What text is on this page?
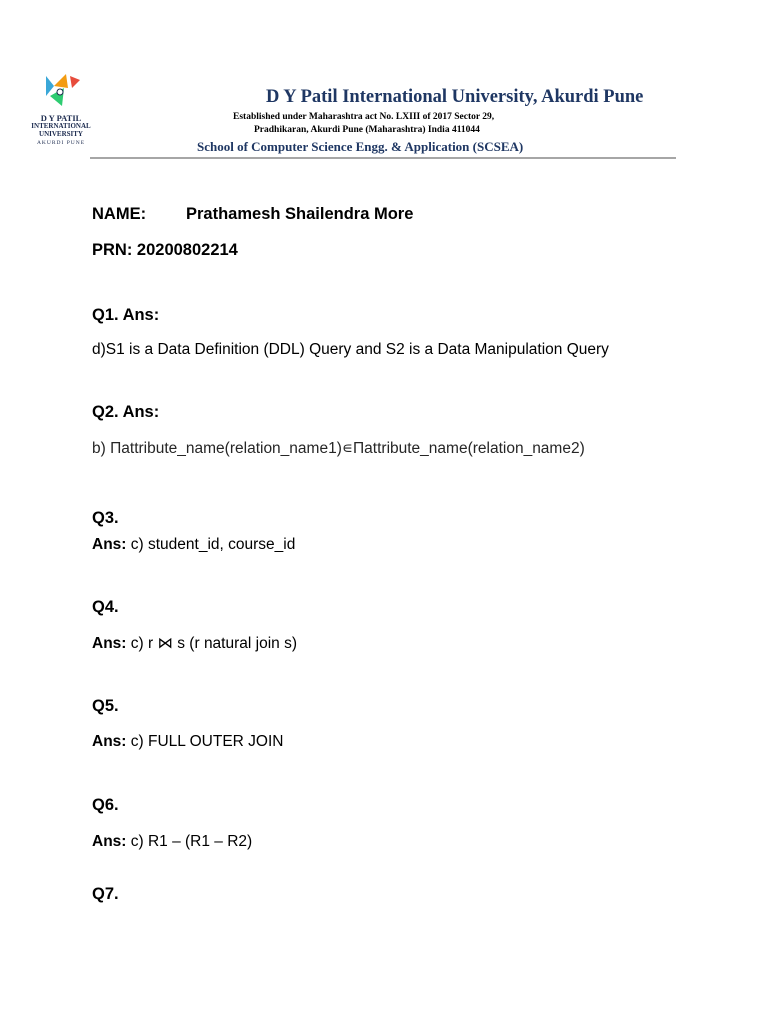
D Y PATIL
INTERNATIONAL
UNIVERSITY
AKURDI PUNE
D Y Patil International University, Akurdi Pune
Established under Maharashtra act No. LXIII of 2017 Sector 29,
Pradhikaran, Akurdi Pune (Maharashtra) India 411044
School of Computer Science Engg. & Application (SCSEA)
NAME: Prathamesh Shailendra More
PRN: 20200802214
Q1. Ans:
d)S1 is a Data Definition (DDL) Query and S2 is a Data Manipulation Query
Q2. Ans:
b) Πattribute_name(relation_name1)∊Πattribute_name(relation_name2)
Q3.
Ans: c) student_id, course_id
Q4.
Ans: c) r ⋈ s (r natural join s)
Q5.
Ans: c) FULL OUTER JOIN
Q6.
Ans: c) R1 – (R1 – R2)
Q7.
